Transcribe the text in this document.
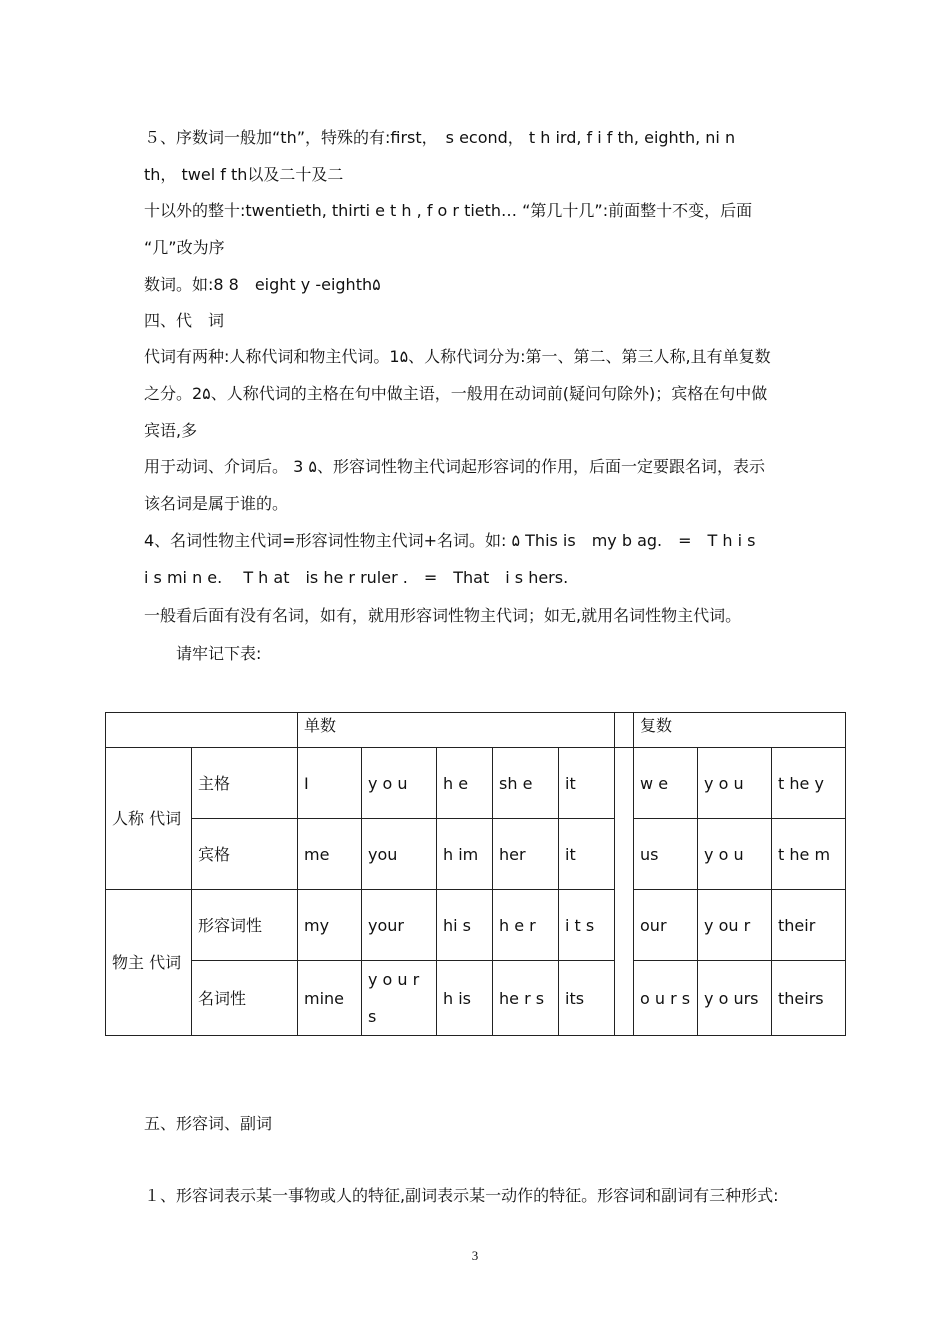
５、序数词一般加“th”，特殊的有:first，　s econd， t h ird, f i f th, eighth, ni n
th， twel f th以及二十及二
十以外的整十:twentieth, thirti e t h , f o r tieth… “第几十几”:前面整十不变，后面
“几”改为序
数词。如:8 8　eight y -eighth۵
四、代　词
代词有两种:人称代词和物主代词。1۵、人称代词分为:第一、第二、第三人称,且有单复数
之分。2۵、人称代词的主格在句中做主语，一般用在动词前(疑问句除外)；宾格在句中做
宾语,多
用于动词、介词后。 3 ۵、形容词性物主代词起形容词的作用，后面一定要跟名词，表示
该名词是属于谁的。
4、名词性物主代词=形容词性物主代词+名词。如: ۵ This is　my b ag.　=　T h i s
i s mi n e.　 T h at　is he r ruler .　=　That　i s hers.
一般看后面有没有名词，如有，就用形容词性物主代词；如无,就用名词性物主代词。
请牢记下表:
		单数						复数		
人称 代词	主格	I	y o u	h e	sh e	it		w e	y o u	t he y
	宾格	me	you	h im	her	it		us	y o u	t he m
物主 代词	形容词性	my	your	hi s	h e r	i t s		our	y ou r	their
	名词性	mine	y o u r s	h is	he r s	its		o u r s	y o urs	theirs
五、形容词、副词
１、形容词表示某一事物或人的特征,副词表示某一动作的特征。形容词和副词有三种形式:
3
